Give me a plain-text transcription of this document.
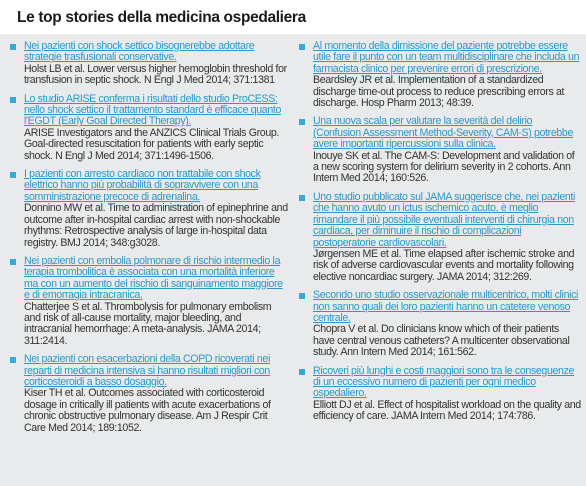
Le top stories della medicina ospedaliera
Nei pazienti con shock settico bisognerebbe adottare strategie trasfusionali conservative.
Holst LB et al. Lower versus higher hemoglobin threshold for transfusion in septic shock. N Engl J Med 2014; 371:1381
Lo studio ARISE conferma i risultati dello studio ProCESS: nello shock settico il trattamento standard è efficace quanto l'EGDT (Early Goal Directed Therapy).
ARISE Investigators and the ANZICS Clinical Trials Group. Goal-directed resuscitation for patients with early septic shock. N Engl J Med 2014; 371:1496-1506.
I pazienti con arresto cardiaco non trattabile con shock elettrico hanno più probabilità di sopravvivere con una somministrazione precoce di adrenalina.
Donnino MW et al. Time to administration of epinephrine and outcome after in-hospital cardiac arrest with non-shockable rhythms: Retrospective analysis of large in-hospital data registry. BMJ 2014; 348:g3028.
Nei pazienti con embolia polmonare di rischio intermedio la terapia trombolitica è associata con una mortalità inferiore ma con un aumento del rischio di sanguinamento maggiore e di emorragia intracranica.
Chatterjee S et al. Thrombolysis for pulmonary embolism and risk of all-cause mortality, major bleeding, and intracranial hemorrhage: A meta-analysis. JAMA 2014; 311:2414.
Nei pazienti con esacerbazioni della COPD ricoverati nei reparti di medicina intensiva si hanno risultati migliori con corticosteroidi a basso dosaggio.
Kiser TH et al. Outcomes associated with corticosteroid dosage in critically ill patients with acute exacerbations of chronic obstructive pulmonary disease. Am J Respir Crit Care Med 2014; 189:1052.
Al momento della dimissione del paziente potrebbe essere utile fare il punto con un team multidisciplinare che includa un farmacista clinico per prevenire errori di prescrizione.
Beardsley JR et al. Implementation of a standardized discharge time-out process to reduce prescribing errors at discharge. Hosp Pharm 2013; 48:39.
Una nuova scala per valutare la severità del delirio (Confusion Assessment Method-Severity, CAM-S) potrebbe avere importanti ripercussioni sulla clinica.
Inouye SK et al. The CAM-S: Development and validation of a new scoring system for delirium severity in 2 cohorts. Ann Intern Med 2014; 160:526.
Uno studio pubblicato sul JAMA suggerisce che, nei pazienti che hanno avuto un ictus ischemico acuto, è meglio rimandare il più possibile eventuali interventi di chirurgia non cardiaca, per diminuire il rischio di complicazioni postoperatorie cardiovascolari.
Jørgensen ME et al. Time elapsed after ischemic stroke and risk of adverse cardiovascular events and mortality following elective noncardiac surgery. JAMA 2014; 312:269.
Secondo uno studio osservazionale multicentrico, molti clinici non sanno quali dei loro pazienti hanno un catetere venoso centrale.
Chopra V et al. Do clinicians know which of their patients have central venous catheters? A multicenter observational study. Ann Intern Med 2014; 161:562.
Ricoveri più lunghi e costi maggiori sono tra le conseguenze di un eccessivo numero di pazienti per ogni medico ospedaliero.
Elliott DJ et al. Effect of hospitalist workload on the quality and efficiency of care. JAMA Intern Med 2014; 174:786.
